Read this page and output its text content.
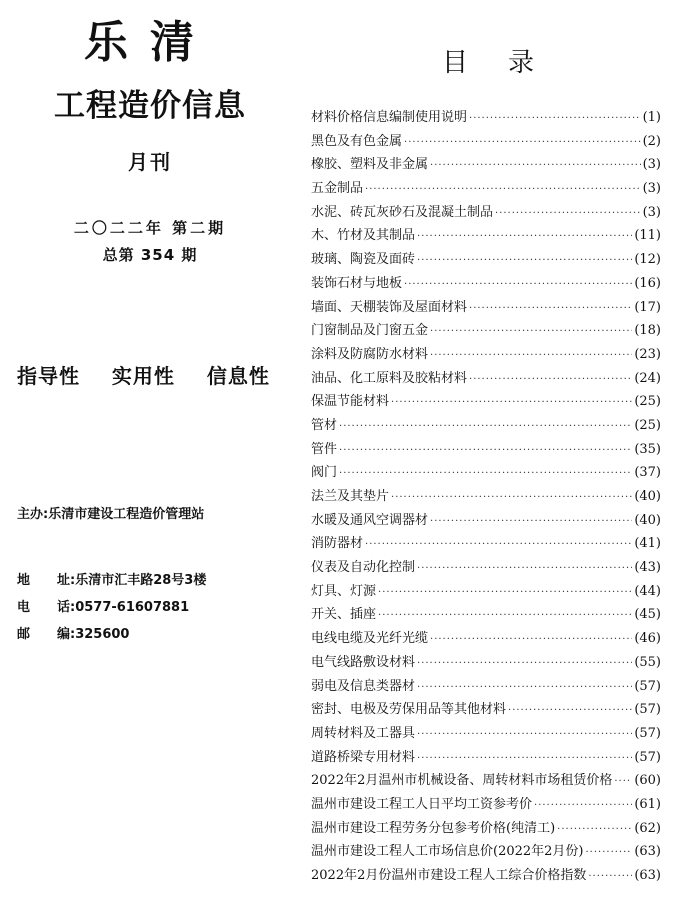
乐清
工程造价信息
月刊
二〇二二年 第二期
总第 354 期
指导性  实用性  信息性
主办:乐清市建设工程造价管理站
地 址:乐清市汇丰路28号3楼
电 话:0577-61607881
邮 编:325600
目录
材料价格信息编制使用说明 ·····	(1)
黑色及有色金属 ·····	(2)
橡胶、塑料及非金属 ·····	(3)
五金制品 ·····	(3)
水泥、砖瓦灰砂石及混凝土制品 ·····	(3)
木、竹材及其制品 ·····	(11)
玻璃、陶瓷及面砖 ·····	(12)
装饰石材与地板 ·····	(16)
墙面、天棚装饰及屋面材料 ·····	(17)
门窗制品及门窗五金 ·····	(18)
涂料及防腐防水材料 ·····	(23)
油品、化工原料及胶粘材料 ·····	(24)
保温节能材料 ·····	(25)
管材 ·····	(25)
管件 ·····	(35)
阀门 ·····	(37)
法兰及其垫片 ·····	(40)
水暖及通风空调器材 ·····	(40)
消防器材 ·····	(41)
仪表及自动化控制 ·····	(43)
灯具、灯源 ·····	(44)
开关、插座 ·····	(45)
电线电缆及光纤光缆 ·····	(46)
电气线路敷设材料 ·····	(55)
弱电及信息类器材 ·····	(57)
密封、电极及劳保用品等其他材料 ·····	(57)
周转材料及工器具 ·····	(57)
道路桥梁专用材料 ·····	(57)
2022年2月温州市机械设备、周转材料市场租赁价格 ····· (60)
温州市建设工程工人日平均工资参考价 ·····	(61)
温州市建设工程劳务分包参考价格(纯清工) ·····	(62)
温州市建设工程人工市场信息价(2022年2月份) ·····	(63)
2022年2月份温州市建设工程人工综合价格指数 ·····	(63)
